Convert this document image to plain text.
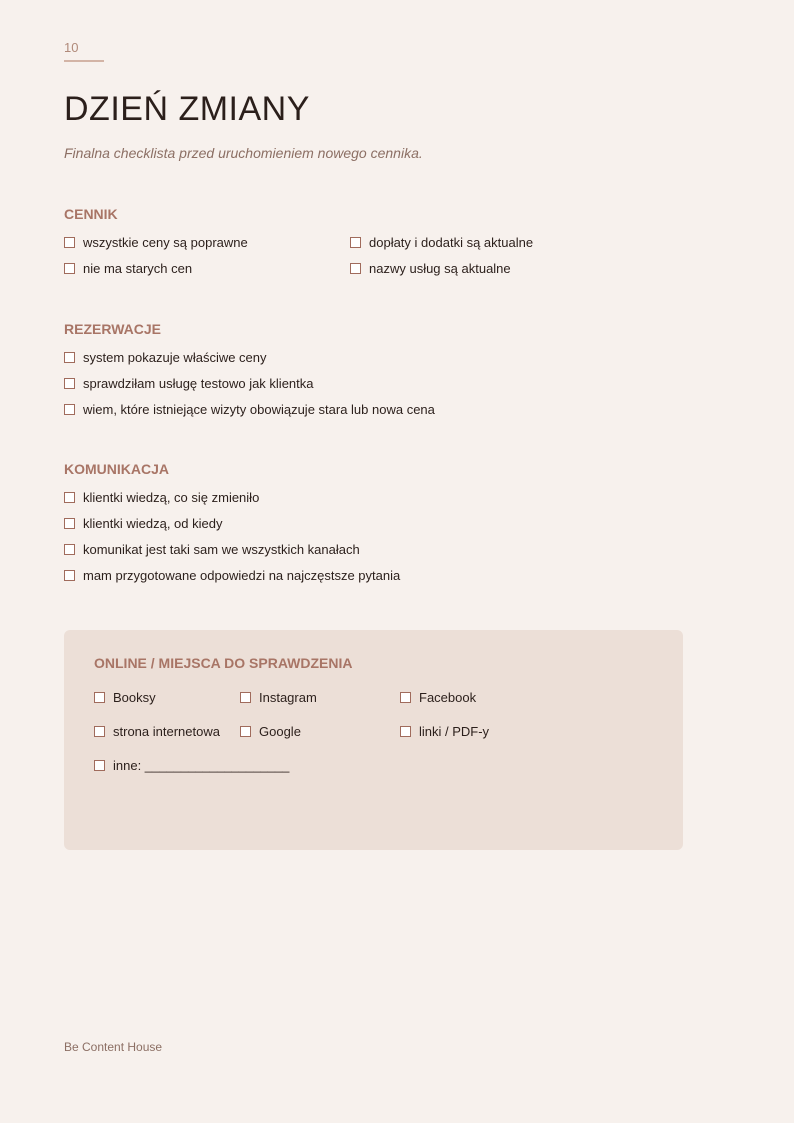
10
DZIEŃ ZMIANY

Finalna checklista przed uruchomieniem nowego cennika.

CENNIK
wszystkie ceny są poprawne	dopłaty i dodatki są aktualne
nie ma starych cen	nazwy usług są aktualne
REZERWACJE
system pokazuje właściwe ceny
sprawdziłam usługę testowo jak klientka
wiem, które istniejące wizyty obowiązuje stara lub nowa cena
KOMUNIKACJA
klientki wiedzą, co się zmieniło
klientki wiedzą, od kiedy
komunikat jest taki sam we wszystkich kanałach
mam przygotowane odpowiedzi na najczęstsze pytania
ONLINE / MIEJSCA DO SPRAWDZENIA
Booksy	Instagram	Facebook
strona internetowa	Google	linki / PDF-y
inne: ____________________
Be Content House
